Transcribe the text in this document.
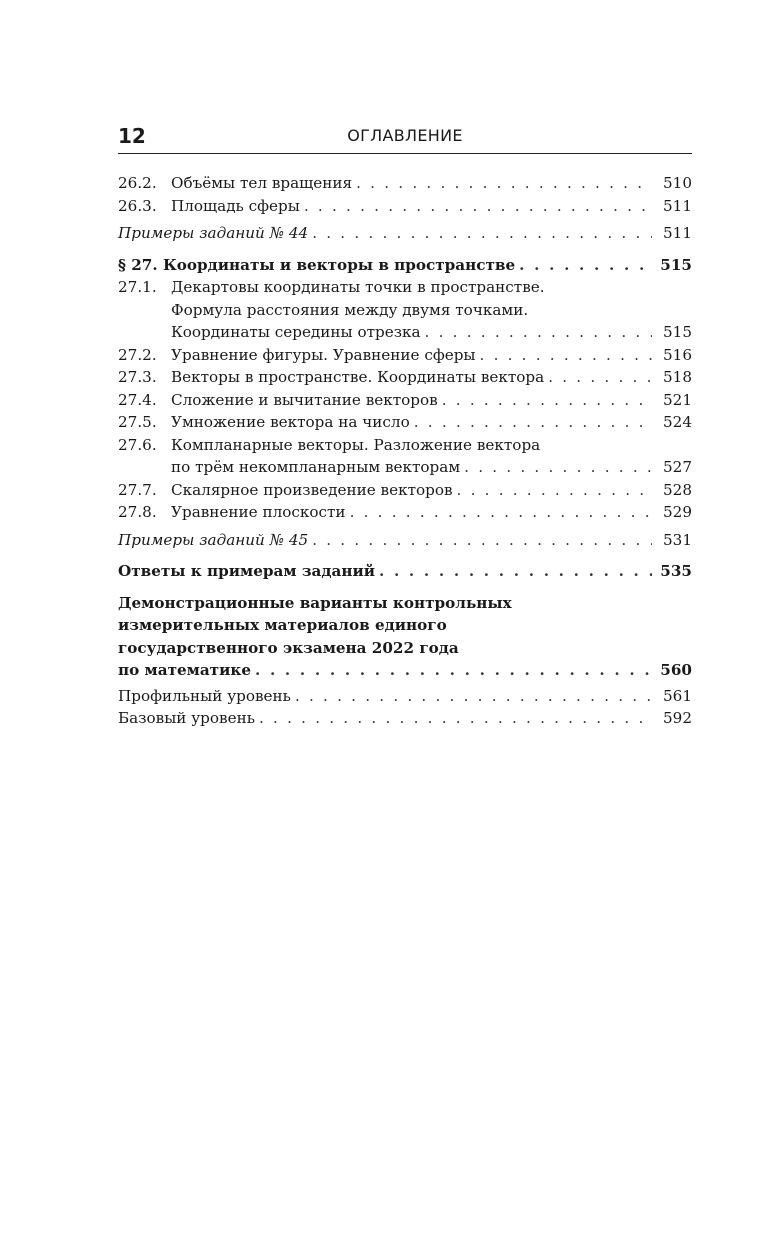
12	ОГЛАВЛЕНИЕ
26.2. Объёмы тел вращения . . .	510
26.3. Площадь сферы . . .	511
Примеры заданий № 44 . . .	511
§ 27. Координаты и векторы в пространстве . . .	515
27.1. Декартовы координаты точки в пространстве.
Формула расстояния между двумя точками.
Координаты середины отрезка . . .	515
27.2. Уравнение фигуры. Уравнение сферы . . .	516
27.3. Векторы в пространстве. Координаты вектора . . .	518
27.4. Сложение и вычитание векторов . . .	521
27.5. Умножение вектора на число . . .	524
27.6. Компланарные векторы. Разложение вектора
по трём некомпланарным векторам . . .	527
27.7. Скалярное произведение векторов . . .	528
27.8. Уравнение плоскости . . .	529
Примеры заданий № 45 . . .	531
Ответы к примерам заданий . . .	535
Демонстрационные варианты контрольных
измерительных материалов единого
государственного экзамена 2022 года
по математике . . .	560
Профильный уровень . . .	561
Базовый уровень . . .	592
